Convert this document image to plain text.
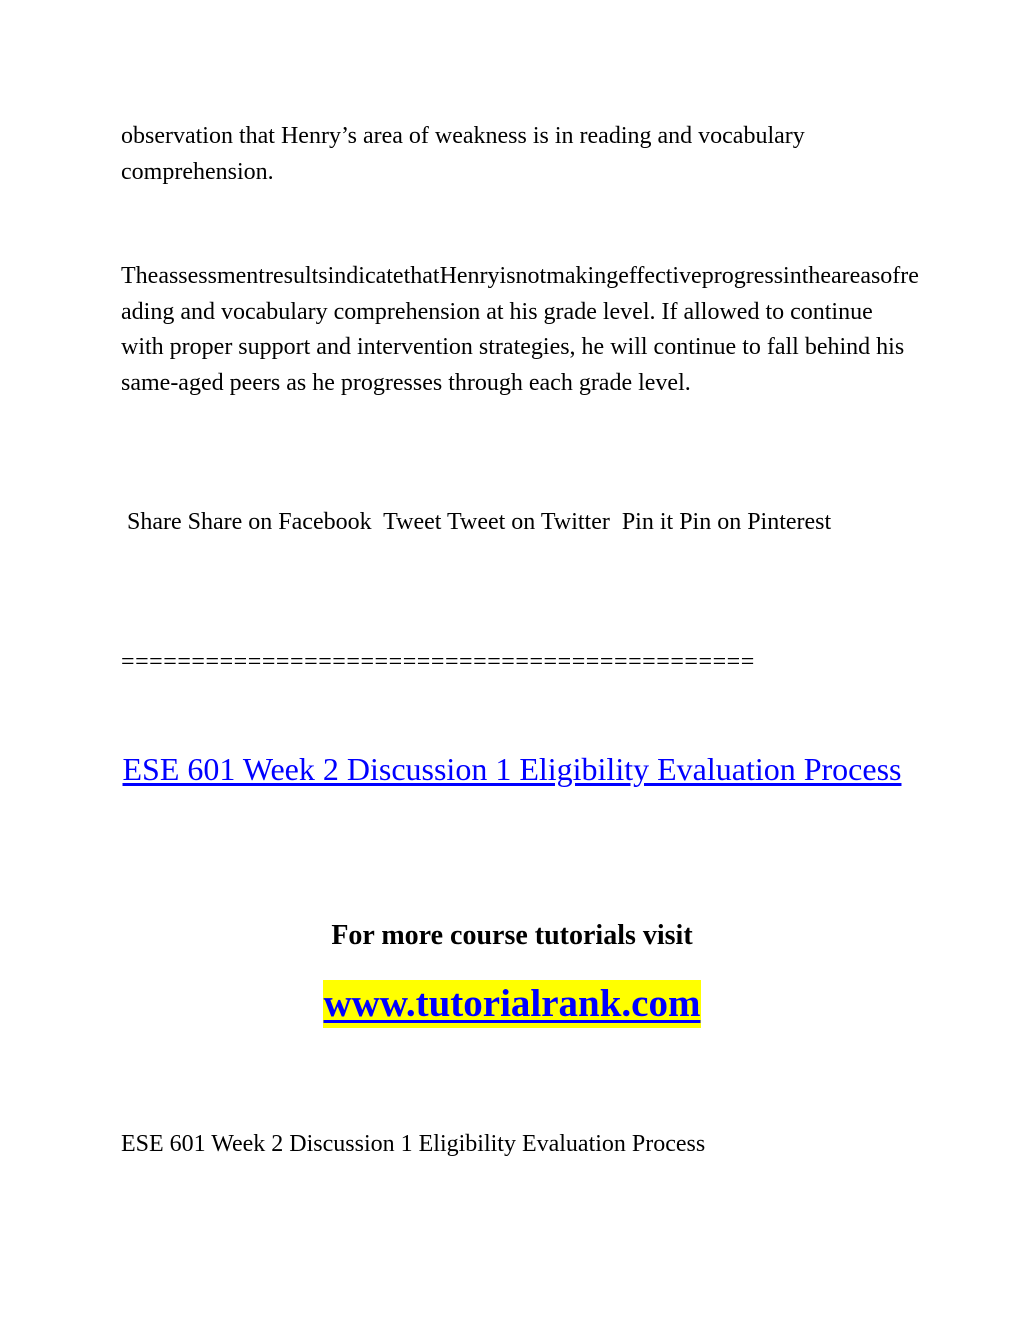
observation that Henry’s area of weakness is in reading and vocabulary comprehension.

TheassessmentresultsindicatethatHenryisnotmakingeffectiveprogressintheareasofreading and vocabulary comprehension at his grade level. If allowed to continue with proper support and intervention strategies, he will continue to fall behind his same-aged peers as he progresses through each grade level.

Share Share on Facebook  Tweet Tweet on Twitter  Pin it Pin on Pinterest

=============================================

ESE 601 Week 2 Discussion 1 Eligibility Evaluation Process

For more course tutorials visit

www.tutorialrank.com

ESE 601 Week 2 Discussion 1 Eligibility Evaluation Process
